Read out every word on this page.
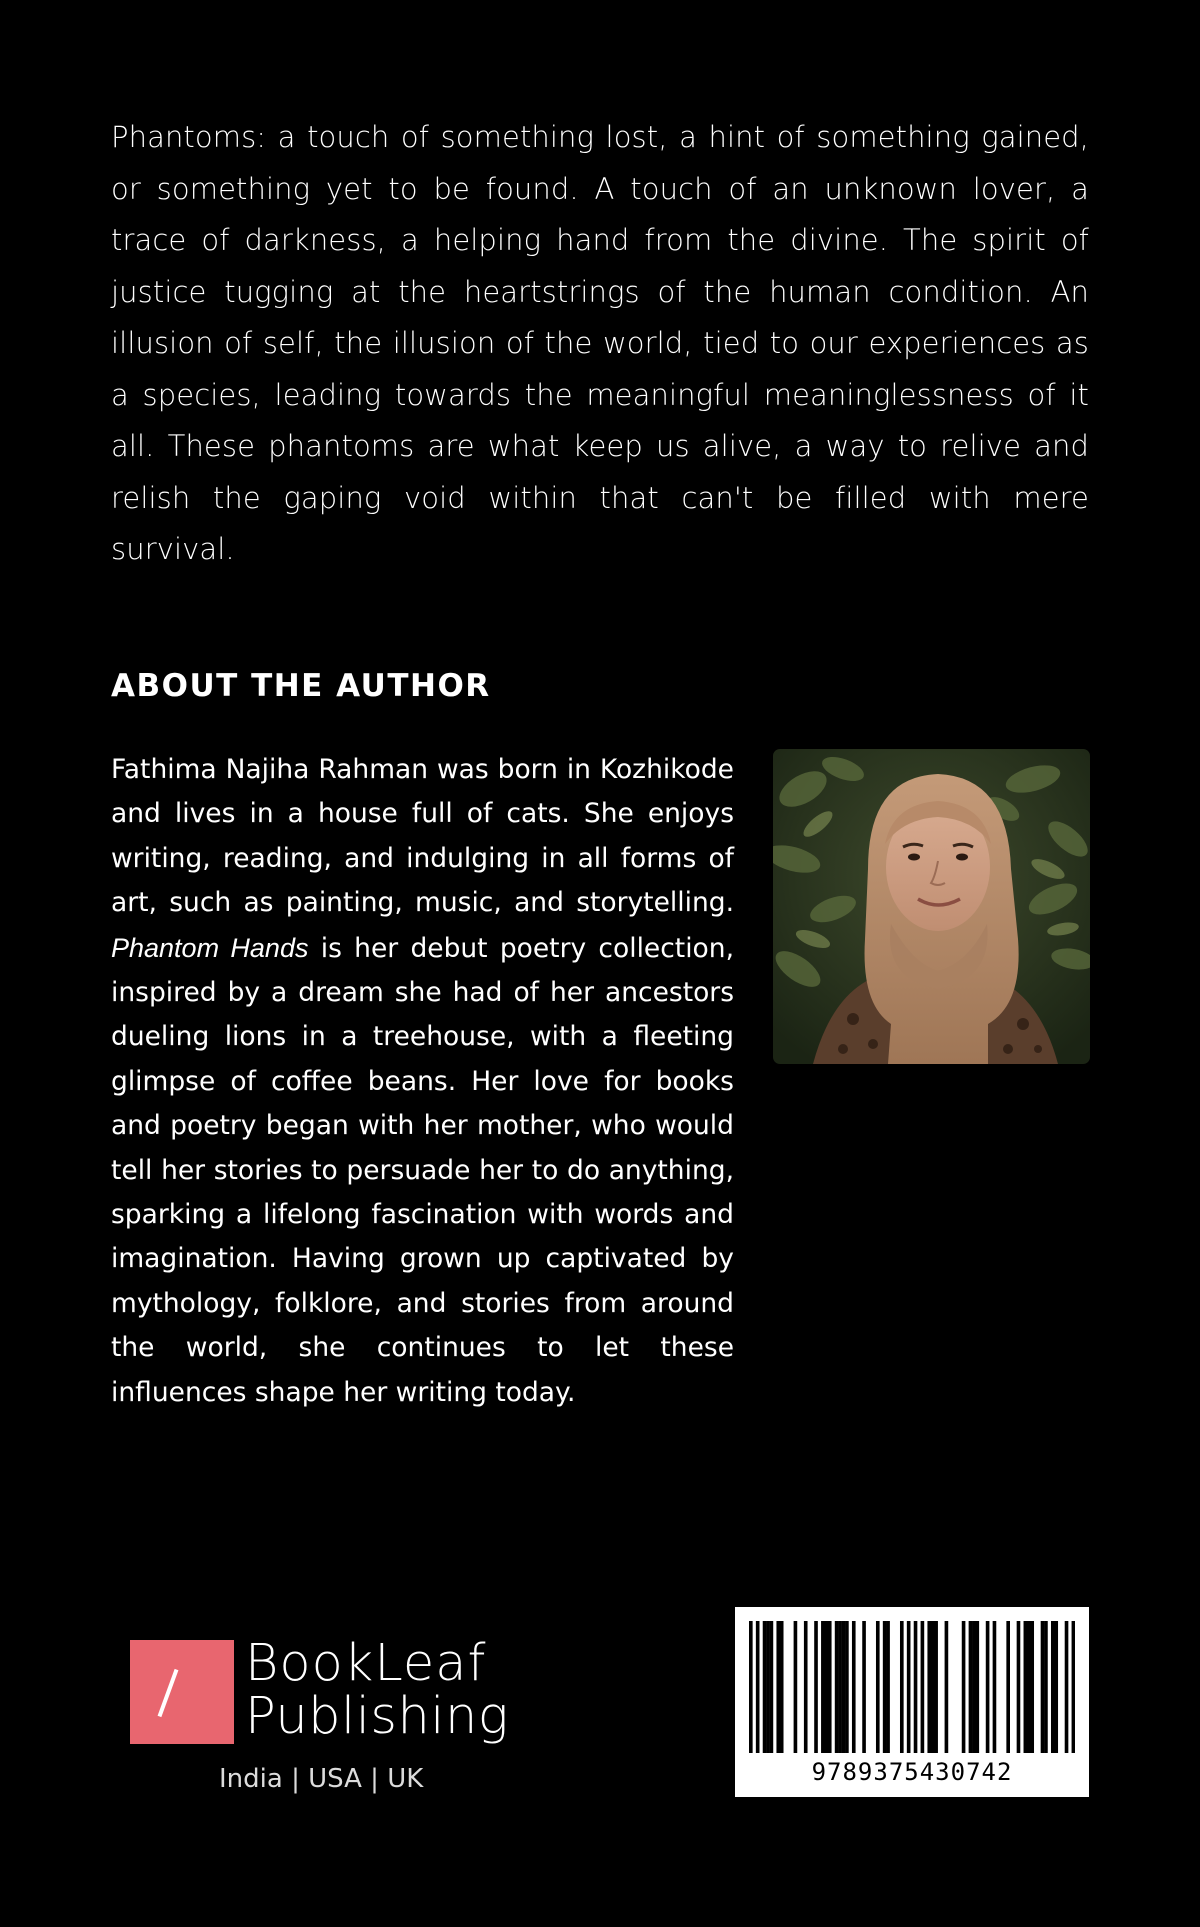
Phantoms: a touch of something lost, a hint of something gained, or something yet to be found. A touch of an unknown lover, a trace of darkness, a helping hand from the divine. The spirit of justice tugging at the heartstrings of the human condition. An illusion of self, the illusion of the world, tied to our experiences as a species, leading towards the meaningful meaninglessness of it all. These phantoms are what keep us alive, a way to relive and relish the gaping void within that can't be filled with mere survival.

ABOUT THE AUTHOR

Fathima Najiha Rahman was born in Kozhikode and lives in a house full of cats. She enjoys writing, reading, and indulging in all forms of art, such as painting, music, and storytelling. Phantom Hands is her debut poetry collection, inspired by a dream she had of her ancestors dueling lions in a treehouse, with a fleeting glimpse of coffee beans. Her love for books and poetry began with her mother, who would tell her stories to persuade her to do anything, sparking a lifelong fascination with words and imagination. Having grown up captivated by mythology, folklore, and stories from around the world, she continues to let these influences shape her writing today.

BookLeaf
Publishing
India | USA | UK	9789375430742
